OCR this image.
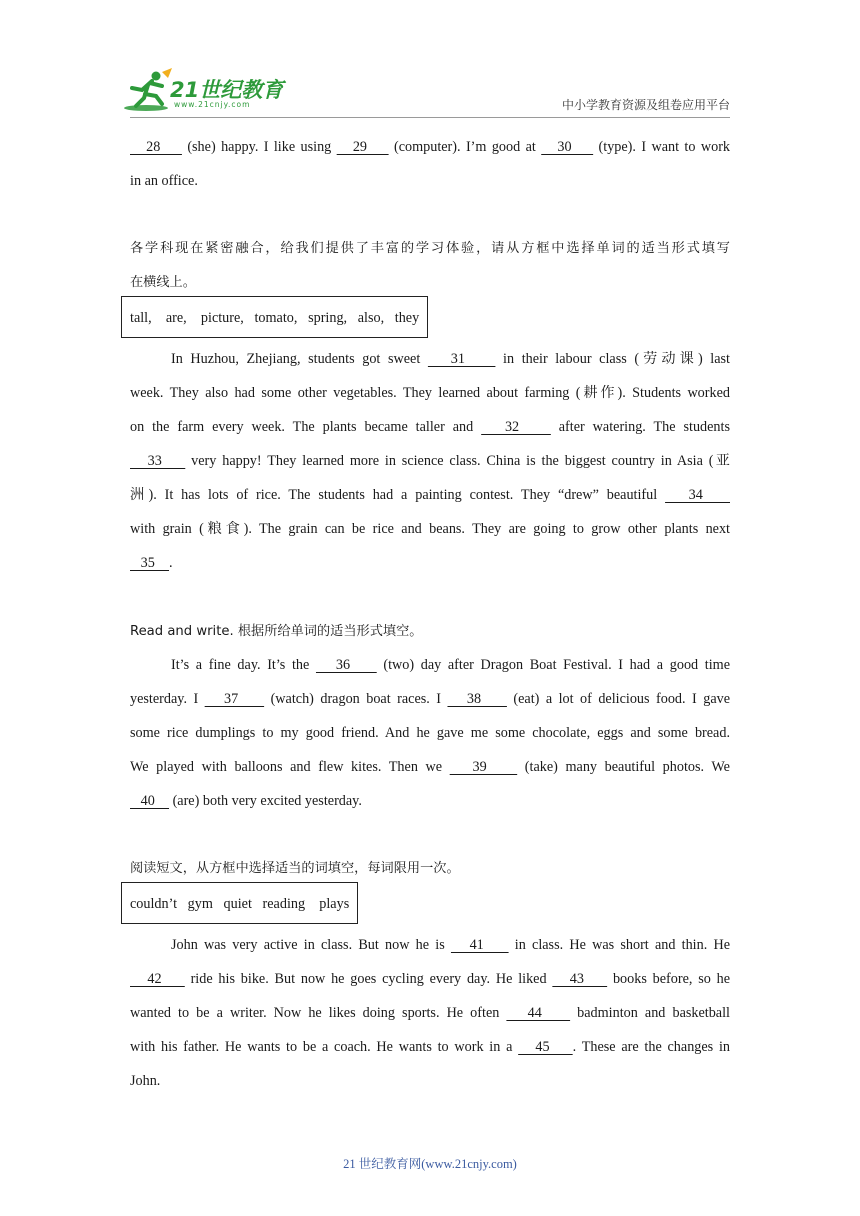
21世纪教育
www.21cnjy.com	中小学教育资源及组卷应用平台
28     (she) happy. I like using    29     (computer). I’m good at    30     (type). I want to work
in an office.
各学科现在紧密融合，给我们提供了丰富的学习体验，请从方框中选择单词的适当形式填写
在横线上。
tall,    are,    picture,   tomato,   spring,   also,   they
In Huzhou, Zhejiang, students got sweet    31     in their labour class (劳动课) last
week. They also had some other vegetables. They learned about farming (耕作). Students worked
on the farm every week. The plants became taller and    32     after watering. The students
33     very happy! They learned more in science class. China is the biggest country in Asia (亚
洲). It has lots of rice. The students had a painting contest. They “drew” beautiful    34
with grain (粮食). The grain can be rice and beans. They are going to grow other plants next
35    .
Read and write. 根据所给单词的适当形式填空。
It’s a fine day. It’s the    36     (two) day after Dragon Boat Festival. I had a good time
yesterday. I    37     (watch) dragon boat races. I    38     (eat) a lot of delicious food. I gave
some rice dumplings to my good friend. And he gave me some chocolate, eggs and some bread.
We played with balloons and flew kites. Then we    39     (take) many beautiful photos. We
40     (are) both very excited yesterday.
阅读短文，从方框中选择适当的词填空，每词限用一次。
couldn’t   gym   quiet   reading    plays
John was very active in class. But now he is    41     in class. He was short and thin. He
42     ride his bike. But now he goes cycling every day. He liked    43     books before, so he
wanted to be a writer. Now he likes doing sports. He often    44     badminton and basketball
with his father. He wants to be a coach. He wants to work in a    45    . These are the changes in
John.
21 世纪教育网(www.21cnjy.com)
